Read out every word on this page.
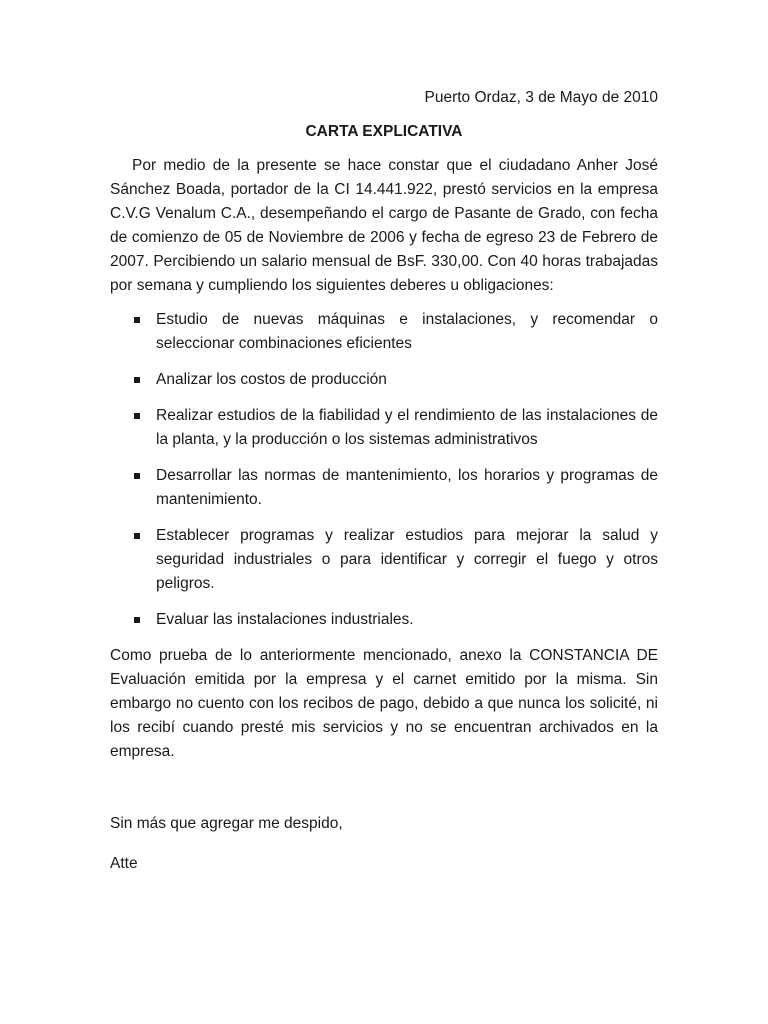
Puerto Ordaz, 3 de Mayo de 2010

CARTA EXPLICATIVA

Por medio de la presente se hace constar que el ciudadano Anher José Sánchez Boada, portador de la CI 14.441.922, prestó servicios en la empresa C.V.G Venalum C.A., desempeñando el cargo de Pasante de Grado, con fecha de comienzo de 05 de Noviembre de 2006 y fecha de egreso 23 de Febrero de 2007. Percibiendo un salario mensual de BsF. 330,00. Con 40 horas trabajadas por semana y cumpliendo los siguientes deberes u obligaciones:

Estudio de nuevas máquinas e instalaciones, y recomendar o seleccionar combinaciones eficientes
Analizar los costos de producción
Realizar estudios de la fiabilidad y el rendimiento de las instalaciones de la planta, y la producción o los sistemas administrativos
Desarrollar las normas de mantenimiento, los horarios y programas de mantenimiento.
Establecer programas y realizar estudios para mejorar la salud y seguridad industriales o para identificar y corregir el fuego y otros peligros.
Evaluar las instalaciones industriales.

Como prueba de lo anteriormente mencionado, anexo la CONSTANCIA DE Evaluación emitida por la empresa y el carnet emitido por la misma. Sin embargo no cuento con los recibos de pago, debido a que nunca los solicité, ni los recibí cuando presté mis servicios y no se encuentran archivados en la empresa.

Sin más que agregar me despido,

Atte
